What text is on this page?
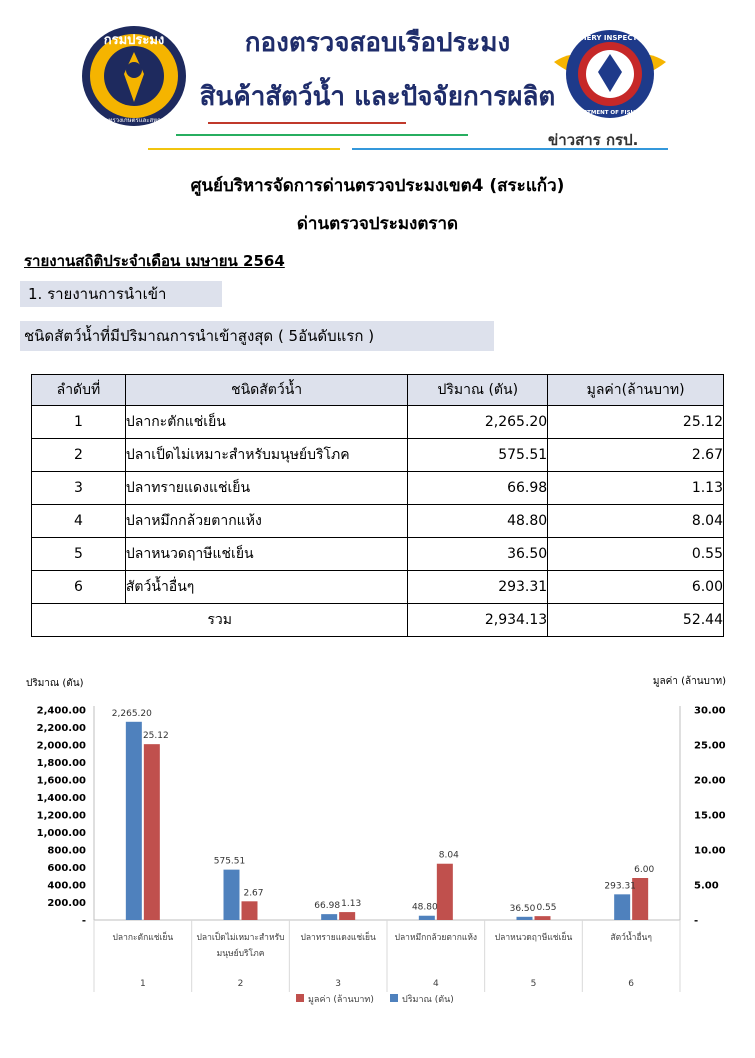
กรมประมง
กระทรวงเกษตรและสหกรณ์
กองตรวจสอบเรือประมง
สินค้าสัตว์น้ำ และปัจจัยการผลิต
FISHERY INSPECTION
DEPARTMENT OF FISHERIES
ข่าวสาร กรป.
ศูนย์บริหารจัดการด่านตรวจประมงเขต4 (สระแก้ว)
ด่านตรวจประมงตราด
รายงานสถิติประจำเดือน เมษายน 2564
1. รายงานการนำเข้า
ชนิดสัตว์น้ำที่มีปริมาณการนำเข้าสูงสุด ( 5อันดับแรก )
ลำดับที่	ชนิดสัตว์น้ำ	ปริมาณ (ตัน)	มูลค่า(ล้านบาท)
1	ปลากะตักแช่เย็น	2,265.20	25.12
2	ปลาเป็ดไม่เหมาะสำหรับมนุษย์บริโภค	575.51	2.67
3	ปลาทรายแดงแช่เย็น	66.98	1.13
4	ปลาหมึกกล้วยตากแห้ง	48.80	8.04
5	ปลาหนวดฤาษีแช่เย็น	36.50	0.55
6	สัตว์น้ำอื่นๆ	293.31	6.00
รวม		2,934.13	52.44
ปริมาณ (ตัน)	มูลค่า (ล้านบาท)
-
200.00
400.00
600.00
800.00
1,000.00
1,200.00
1,400.00
1,600.00
1,800.00
2,000.00
2,200.00
2,400.00
-
5.00
10.00
15.00
20.00
25.00
30.00
2,265.20
25.12
ปลากะตักแช่เย็น
1
575.51
2.67
ปลาเป็ดไม่เหมาะสำหรับ
มนุษย์บริโภค
2
66.98 1.13
ปลาทรายแดงแช่เย็น
3
48.80
8.04
ปลาหมึกกล้วยตากแห้ง
4
36.50 0.55
ปลาหนวดฤาษีแช่เย็น
5
293.31
6.00
สัตว์น้ำอื่นๆ
6
มูลค่า (ล้านบาท)	ปริมาณ (ตัน)
